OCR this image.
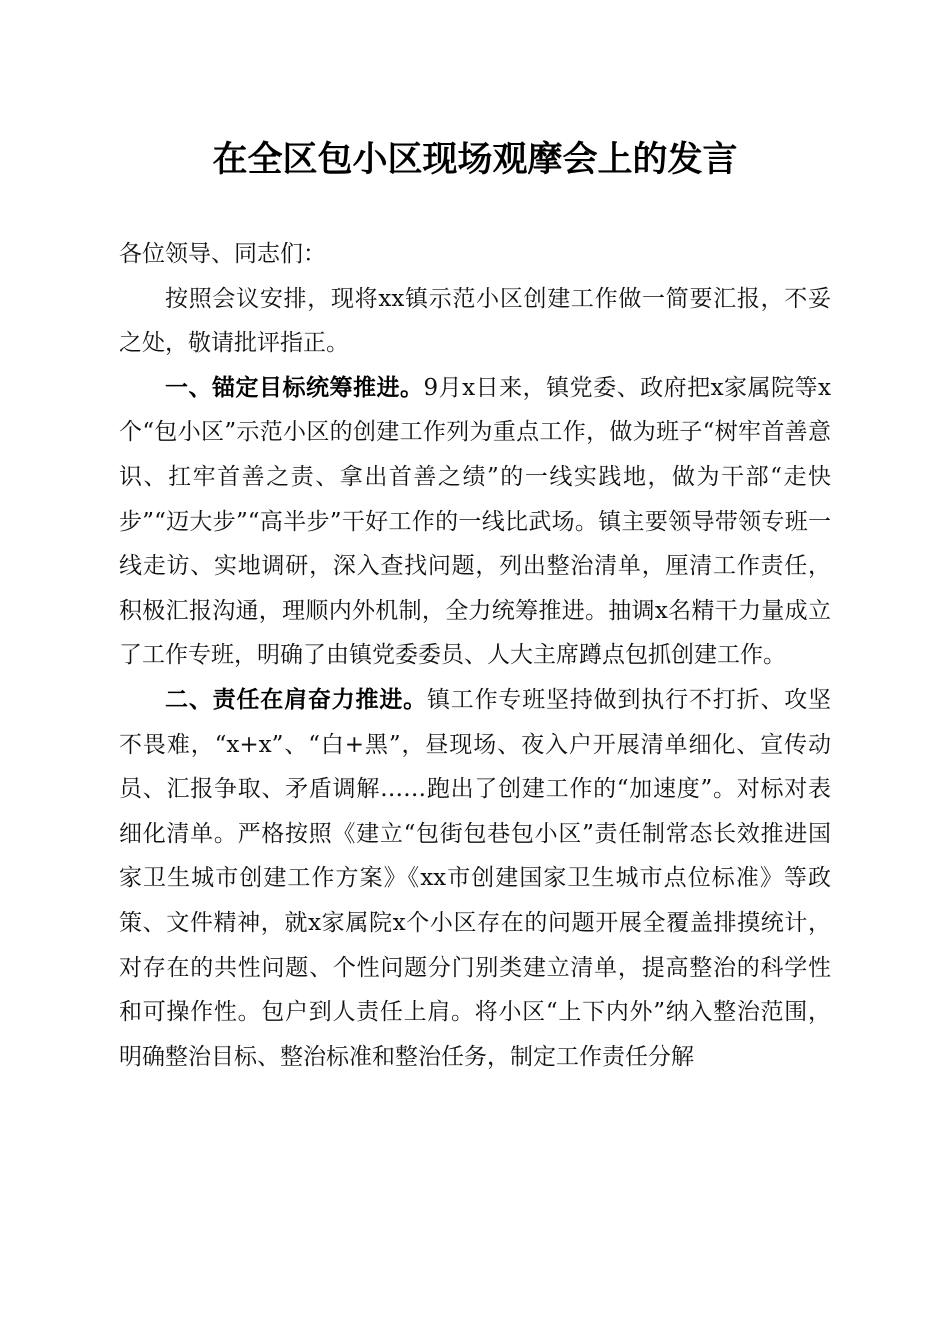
在全区包小区现场观摩会上的发言

各位领导、同志们：

按照会议安排，现将xx镇示范小区创建工作做一简要汇报，不妥之处，敬请批评指正。

一、锚定目标统筹推进。9月x日来，镇党委、政府把x家属院等x个“包小区”示范小区的创建工作列为重点工作，做为班子“树牢首善意识、扛牢首善之责、拿出首善之绩”的一线实践地，做为干部“走快步”“迈大步”“高半步”干好工作的一线比武场。镇主要领导带领专班一线走访、实地调研，深入查找问题，列出整治清单，厘清工作责任，积极汇报沟通，理顺内外机制，全力统筹推进。抽调x名精干力量成立了工作专班，明确了由镇党委委员、人大主席蹲点包抓创建工作。

二、责任在肩奋力推进。镇工作专班坚持做到执行不打折、攻坚不畏难，“x+x”、“白+黑”，昼现场、夜入户开展清单细化、宣传动员、汇报争取、矛盾调解……跑出了创建工作的“加速度”。对标对表细化清单。严格按照《建立“包街包巷包小区”责任制常态长效推进国家卫生城市创建工作方案》《xx市创建国家卫生城市点位标准》等政策、文件精神，就x家属院x个小区存在的问题开展全覆盖排摸统计，对存在的共性问题、个性问题分门别类建立清单，提高整治的科学性和可操作性。包户到人责任上肩。将小区“上下内外”纳入整治范围，明确整治目标、整治标准和整治任务，制定工作责任分解
